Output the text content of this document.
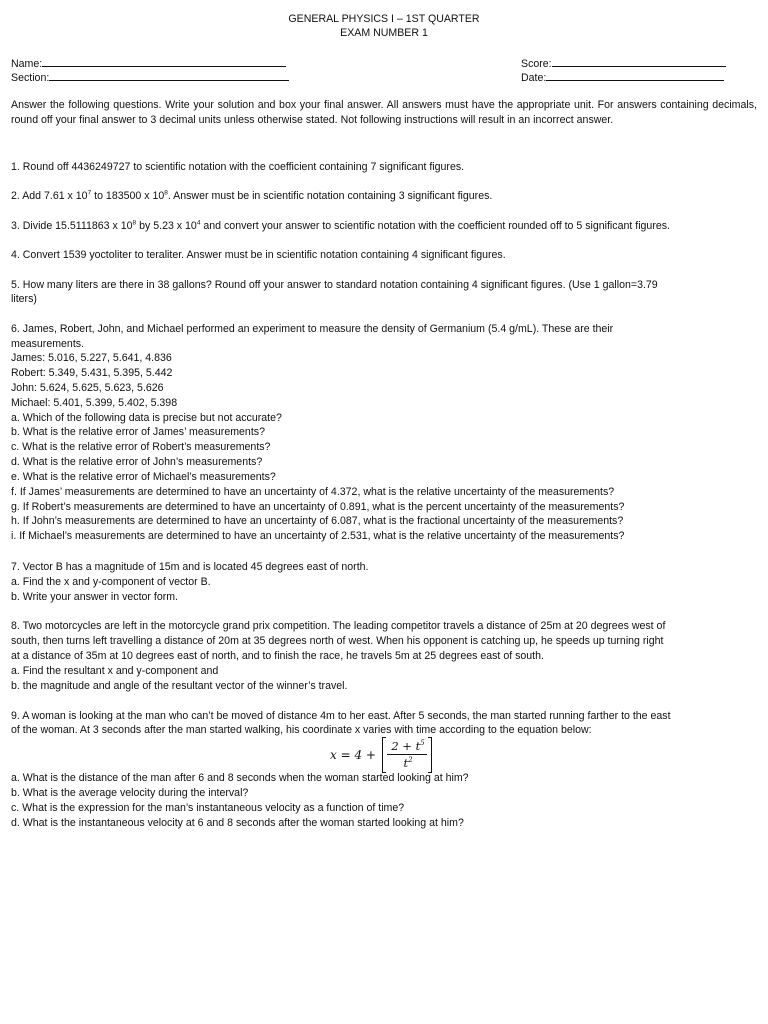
GENERAL PHYSICS I – 1ST QUARTER
EXAM NUMBER 1
Name:
Section:
Score:
Date:
Answer the following questions. Write your solution and box your final answer. All answers must have the appropriate unit. For answers containing decimals, round off your final answer to 3 decimal units unless otherwise stated. Not following instructions will result in an incorrect answer.
1. Round off 4436249727 to scientific notation with the coefficient containing 7 significant figures.
2. Add 7.61 x $10^7$ to 183500 x $10^8$. Answer must be in scientific notation containing 3 significant figures.
3. Divide 15.5111863 x $10^8$ by 5.23 x $10^4$ and convert your answer to scientific notation with the coefficient rounded off to 5 significant figures.
4. Convert 1539 yoctoliter to teraliter. Answer must be in scientific notation containing 4 significant figures.
5. How many liters are there in 38 gallons? Round off your answer to standard notation containing 4 significant figures. (Use 1 gallon=3.79
liters)
6. James, Robert, John, and Michael performed an experiment to measure the density of Germanium (5.4 g/mL). These are their
measurements.
James: 5.016, 5.227, 5.641, 4.836
Robert: 5.349, 5.431, 5.395, 5.442
John: 5.624, 5.625, 5.623, 5.626
Michael: 5.401, 5.399, 5.402, 5.398
a. Which of the following data is precise but not accurate?
b. What is the relative error of James’ measurements?
c. What is the relative error of Robert’s measurements?
d. What is the relative error of John’s measurements?
e. What is the relative error of Michael’s measurements?
f. If James’ measurements are determined to have an uncertainty of 4.372, what is the relative uncertainty of the measurements?
g. If Robert’s measurements are determined to have an uncertainty of 0.891, what is the percent uncertainty of the measurements?
h. If John’s measurements are determined to have an uncertainty of 6.087, what is the fractional uncertainty of the measurements?
i. If Michael’s measurements are determined to have an uncertainty of 2.531, what is the relative uncertainty of the measurements?
7. Vector B has a magnitude of 15m and is located 45 degrees east of north.
a. Find the x and y-component of vector B.
b. Write your answer in vector form.
8. Two motorcycles are left in the motorcycle grand prix competition. The leading competitor travels a distance of 25m at 20 degrees west of
south, then turns left travelling a distance of 20m at 35 degrees north of west. When his opponent is catching up, he speeds up turning right
at a distance of 35m at 10 degrees east of north, and to finish the race, he travels 5m at 25 degrees east of south.
a. Find the resultant x and y-component and
b. the magnitude and angle of the resultant vector of the winner’s travel.
9. A woman is looking at the man who can’t be moved of distance 4m to her east. After 5 seconds, the man started running farther to the east
of the woman. At 3 seconds after the man started walking, his coordinate x varies with time according to the equation below:
x = 4 +
$2 + t^5$
$t^2$
a. What is the distance of the man after 6 and 8 seconds when the woman started looking at him?
b. What is the average velocity during the interval?
c. What is the expression for the man’s instantaneous velocity as a function of time?
d. What is the instantaneous velocity at 6 and 8 seconds after the woman started looking at him?
